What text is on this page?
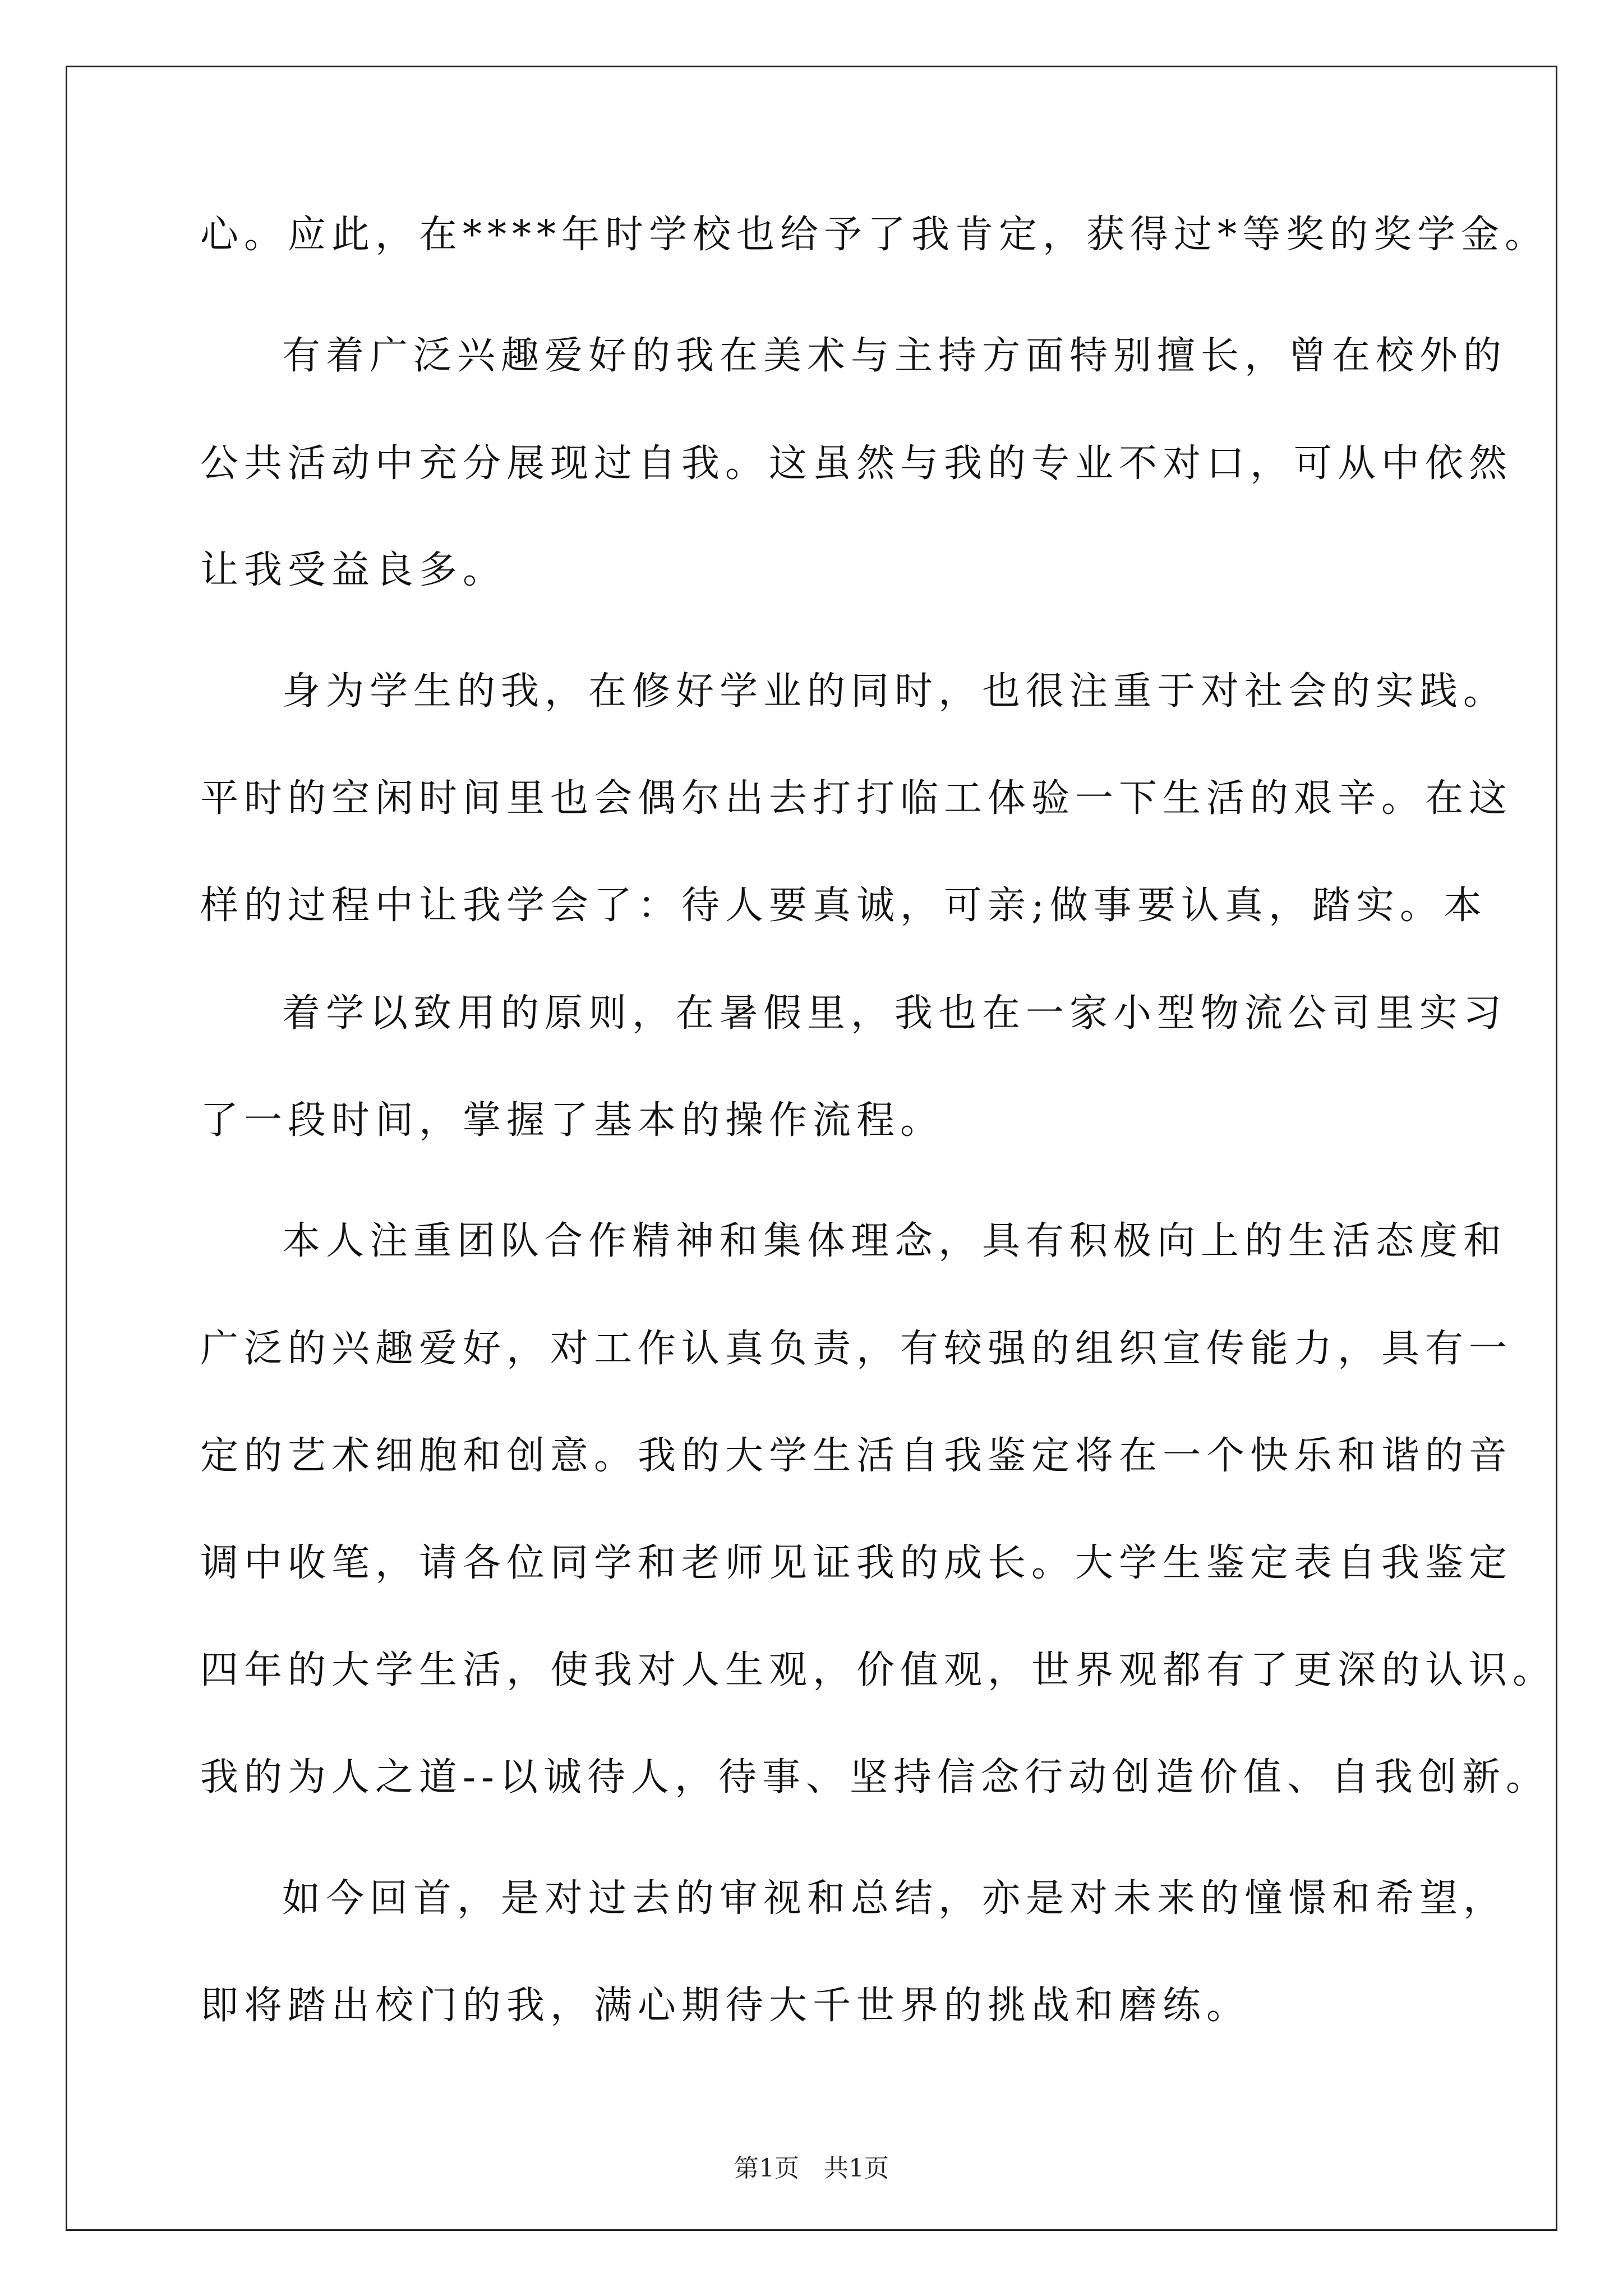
心。应此，在****年时学校也给予了我肯定，获得过*等奖的奖学金。
有着广泛兴趣爱好的我在美术与主持方面特别擅长，曾在校外的
公共活动中充分展现过自我。这虽然与我的专业不对口，可从中依然
让我受益良多。
身为学生的我，在修好学业的同时，也很注重于对社会的实践。
平时的空闲时间里也会偶尔出去打打临工体验一下生活的艰辛。在这
样的过程中让我学会了：待人要真诚，可亲;做事要认真，踏实。本
着学以致用的原则，在暑假里，我也在一家小型物流公司里实习
了一段时间，掌握了基本的操作流程。
本人注重团队合作精神和集体理念，具有积极向上的生活态度和
广泛的兴趣爱好，对工作认真负责，有较强的组织宣传能力，具有一
定的艺术细胞和创意。我的大学生活自我鉴定将在一个快乐和谐的音
调中收笔，请各位同学和老师见证我的成长。大学生鉴定表自我鉴定
四年的大学生活，使我对人生观，价值观，世界观都有了更深的认识。
我的为人之道--以诚待人，待事、坚持信念行动创造价值、自我创新。
如今回首，是对过去的审视和总结，亦是对未来的憧憬和希望，
即将踏出校门的我，满心期待大千世界的挑战和磨练。
第1页　共1页
